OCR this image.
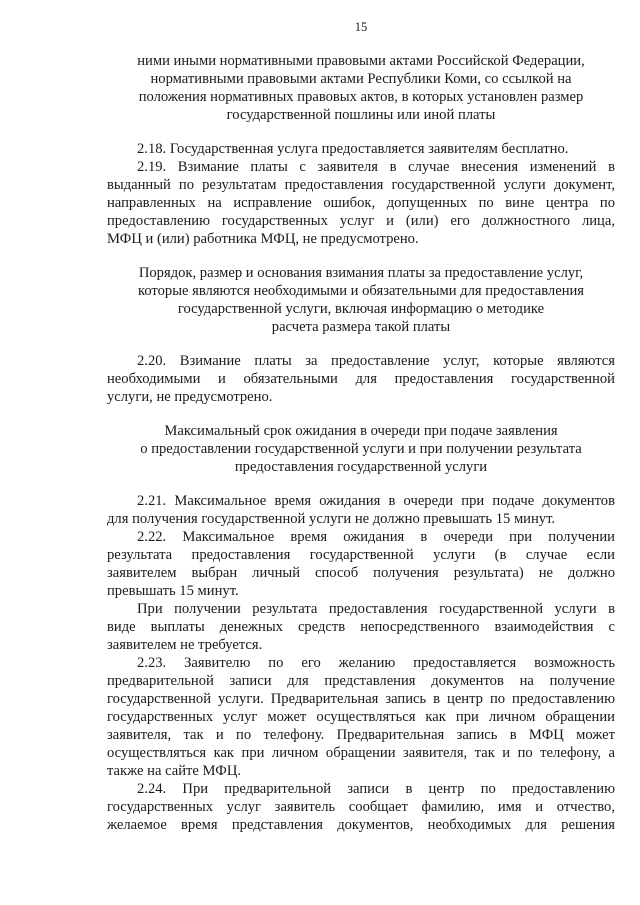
15
ними иными нормативными правовыми актами Российской Федерации,
нормативными правовыми актами Республики Коми, со ссылкой на
положения нормативных правовых актов, в которых установлен размер
государственной пошлины или иной платы
2.18. Государственная услуга предоставляется заявителям бесплатно.
2.19. Взимание платы с заявителя в случае внесения изменений в
выданный по результатам предоставления государственной услуги документ,
направленных на исправление ошибок, допущенных по вине центра по
предоставлению государственных услуг и (или) его должностного лица,
МФЦ и (или) работника МФЦ, не предусмотрено.
Порядок, размер и основания взимания платы за предоставление услуг,
которые являются необходимыми и обязательными для предоставления
государственной услуги, включая информацию о методике
расчета размера такой платы
2.20. Взимание платы за предоставление услуг, которые являются
необходимыми и обязательными для предоставления государственной
услуги, не предусмотрено.
Максимальный срок ожидания в очереди при подаче заявления
о предоставлении государственной услуги и при получении результата
предоставления государственной услуги
2.21. Максимальное время ожидания в очереди при подаче документов
для получения государственной услуги не должно превышать 15 минут.
2.22. Максимальное время ожидания в очереди при получении
результата предоставления государственной услуги (в случае если
заявителем выбран личный способ получения результата) не должно
превышать 15 минут.
При получении результата предоставления государственной услуги в
виде выплаты денежных средств непосредственного взаимодействия с
заявителем не требуется.
2.23. Заявителю по его желанию предоставляется возможность
предварительной записи для представления документов на получение
государственной услуги. Предварительная запись в центр по предоставлению
государственных услуг может осуществляться как при личном обращении
заявителя, так и по телефону. Предварительная запись в МФЦ может
осуществляться как при личном обращении заявителя, так и по телефону, а
также на сайте МФЦ.
2.24. При предварительной записи в центр по предоставлению
государственных услуг заявитель сообщает фамилию, имя и отчество,
желаемое время представления документов, необходимых для решения
